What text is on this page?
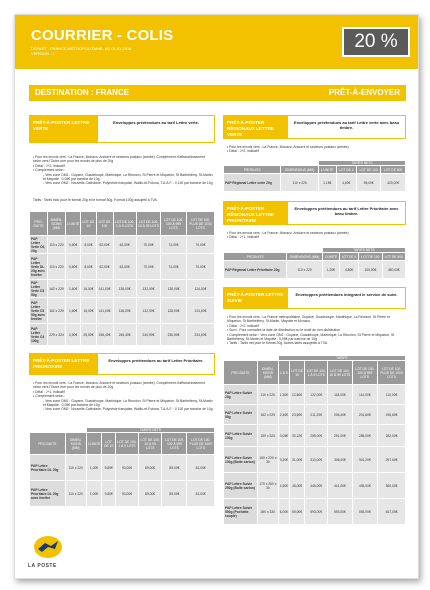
COURRIER - COLIS
DÉPART : FRANCE MÉTROPOLITAINE, AU 01.01.2016
VERSION : 1
20 %
DESTINATION : FRANCE	PRÊT-À-ENVOYER
PRÊT-À-POSTER LETTRE VERTE
Enveloppes préétendues au tarif Lettre verte.
• Pour les envois vers : La France, Monaco, Andorre et secteurs postaux (armée). Complément d'affranchissement selon vers l'Outre-mer pour les envois de plus de 20g
• Délai : J+2, indicatif
• Complément selon :
- Vers zone OM1 : Guyane, Guadeloupe, Martinique, La Réunion, St Pierre et Miquelon, St Barthélémy, St-Martin et Mayotte : 0,05€ par tranche de 10g
- Vers zone OM2 : Nouvelle-Calédonie, Polynésie française, Wallis-et-Futuna, T.A.A.F. : 0,11€ par tranche de 10g
Tarifs : Tarifs indu pour le format 20g et le format 50g. Format 100g assujetti à TVA.
PRO-DUITS	DIMEN-SIONS (MM)	L'UNITÉ	LOT DE 10	LOT DE 100	LOT DE 100, 1 À 9 LOTS	LOT DE 100, 10 À 99 LOTS	LOT DE 100, 100 À 999 LOTS	LOT DE 100, PLUS DE 1000 LOTS
PAP Lettre Verte C6, 20g	110 x 220	0,80€	8,00€	62,00€	62,00€	70,00€	74,00€	70,00€
PAP Lettre Verte DL 20g avec fenêtre	110 x 220	0,80€	8,00€	62,00€	62,00€	70,00€	74,00€	70,00€
PAP Lettre Verte C5 50g	162 x 229	1,60€	16,00€	141,00€	136,00€	132,00€	128,00€	124,00€
PAP Lettre Verte C5 50g avec fenêtre	162 x 229	1,60€	16,00€	141,00€	136,00€	132,00€	128,00€	124,00€
PAP Lettre Verte C4 100g	229 x 324	2,50€	25,50€	248,40€	245,40€	240,90€	236,50€	234,00€
PRÊT-À-POSTER LETTRE PRIORITAIRE
Enveloppes préétendues au tarif Lettre Prioritaire.
• Pour les envois vers : La France, Monaco, Andorre et secteurs postaux (armée). Complément d'affranchissement selon vers l'Outre-mer pour les envois de plus de 20g
• Délai : J+1, indicatif
• Complément selon :
- Vers zone OM1 : Guyane, Guadeloupe, Martinique, La Réunion, St Pierre et Miquelon, St Barthélémy, St-Martin et Mayotte : 0,05€ par tranche de 10g
- Vers zone OM2 : Nouvelle-Calédonie, Polynésie française, Wallis-et-Futuna, T.A.A.F. : 0,11€ par tranche de 10g
		TARIFS NETS					
PRO-DUITS	DIMEN-SIONS (MM)	L'UNITÉ	LOT DE 10	LOT DE 100, 1 À 9 LOTS	LOT DE 100, 10 À 99 LOTS	LOT DE 100, 100 À 999 LOTS	LOT DE 100, PLUS DE 1000 LOTS
PAP Lettre Prioritaire DL 20g	110 x 220	1,00€	9,80€	93,00€	89,00€	85,00€	81,00€
PAP Lettre Prioritaire DL 20g avec fenêtre	110 x 220	1,00€	9,80€	93,00€	89,00€	85,00€	81,00€
PRÊT-À-POSTER RÉGIONAUX LETTRE VERTE
Enveloppes préétendues au tarif Lettre verte avec beau timbre.
• Pour les envois vers : La France, Monaco, Andorre et secteurs postaux (armée)
• Délai : J+2, indicatif
		TARIFS NETS			
PRODUITS	DIMENSIONS (MM)	L'UNITÉ	LOT DE 4	LOT DE 100	LOT DE 500
PAP Régional Lettre verte 20g	110 x 220	1,15€	4,60€	95,00€	420,00€
PRÊT-À-POSTER RÉGIONAUX LETTRE PRIORITAIRE
Enveloppes préétendues au tarif Lettre Prioritaire avec beau timbre.
• Pour les envois vers : La France, Monaco, Andorre et secteurs postaux (armée)
• Délai : J+1, indicatif
		TARIFS NETS			
PRODUITS	DIMENSIONS (MM)	L'UNITÉ	LOT DE 4	LOT DE 100	LOT DE 500
PAP Régional Lettre Prioritaire 20g	110 x 220	1,20€	4,80€	100,00€	450,00€
PRÊT-À-POSTER LETTRE SUIVIE
Enveloppes préétendues intégrant le service de suivi.
• Pour les envois vers : La France métropolitaine, Guyane, Guadeloupe, Martinique, La Réunion, St Pierre et Miquelon, St Barthélémy, St-Martin, Mayotte et Monaco.
• Délai : J+2, indicatif
• Suivi : Pour connaître la date de distribution ou le motif de non distribution
• Complément selon : Vers zone OM1 : Guyane, Guadeloupe, Martinique, La Réunion, St Pierre et Miquelon, St Barthélémy, St-Martin et Mayotte : 0,05€ par tranche de 10g
• Tarifs : Tarifs net pour le format 20g. Autres tarifs assujettis à TVA.
		TARIFS					
PRO-DUITS	DIMEN-SIONS (MM)	1 À 9	LOT DE 10	LOT DE 100, 1 À 9 LOTS	LOT DE 100, 10 À 99 LOTS	LOT DE 100, 100 À 999 LOTS	LOT DE 100, PLUS DE 1000 LOTS
PAP Lettre Suivie 20g	110 x 220	1,30€	12,60€	122,00€	118,00€	114,00€	110,00€
PAP Lettre Suivie 50g	162 x 229	2,40€	23,50€	211,20€	206,40€	201,60€	196,80€
PAP Lettre Suivie 100g	229 x 324	3,05€	30,12€	295,00€	291,00€	285,00€	282,00€
PAP Lettre Suivie 100g (Boîte carton)	150 x 220 x 30	3,20€	31,00€	310,00€	306,00€	301,20€	297,60€
PAP Lettre Suivie 250g (Boîte carton)	170 x 260 x 30	4,50€	45,00€	445,00€	441,00€	435,00€	360,00€
PAP Lettre Suivie 500g (Pochette souple)	260 x 330	6,00€	59,00€	593,00€	593,00€	593,00€	547,00€
LA POSTE
